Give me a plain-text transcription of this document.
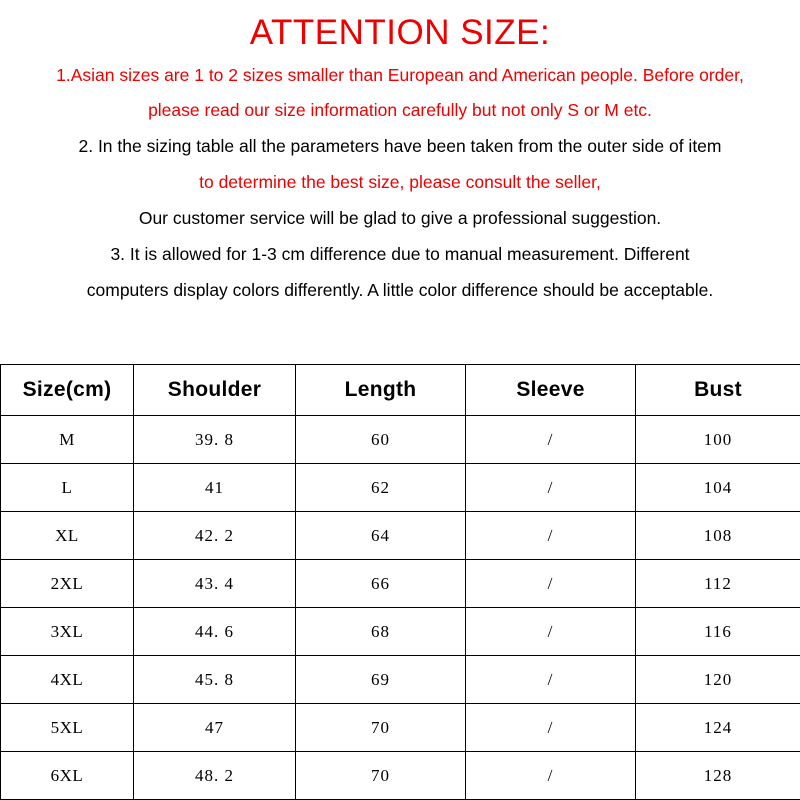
ATTENTION SIZE:
1.Asian sizes are 1 to 2 sizes smaller than European and American people. Before order,
please read our size information carefully but not only S or M etc.
2. In the sizing table all the parameters have been taken from the outer side of item
to determine the best size, please consult the seller,
Our customer service will be glad to give a professional suggestion.
3. It is allowed for 1-3 cm difference due to manual measurement. Different
computers display colors differently. A little color difference should be acceptable.
Size(cm)	Shoulder	Length	Sleeve	Bust
M	39. 8	60	/	100
L	41	62	/	104
XL	42. 2	64	/	108
2XL	43. 4	66	/	112
3XL	44. 6	68	/	116
4XL	45. 8	69	/	120
5XL	47	70	/	124
6XL	48. 2	70	/	128
